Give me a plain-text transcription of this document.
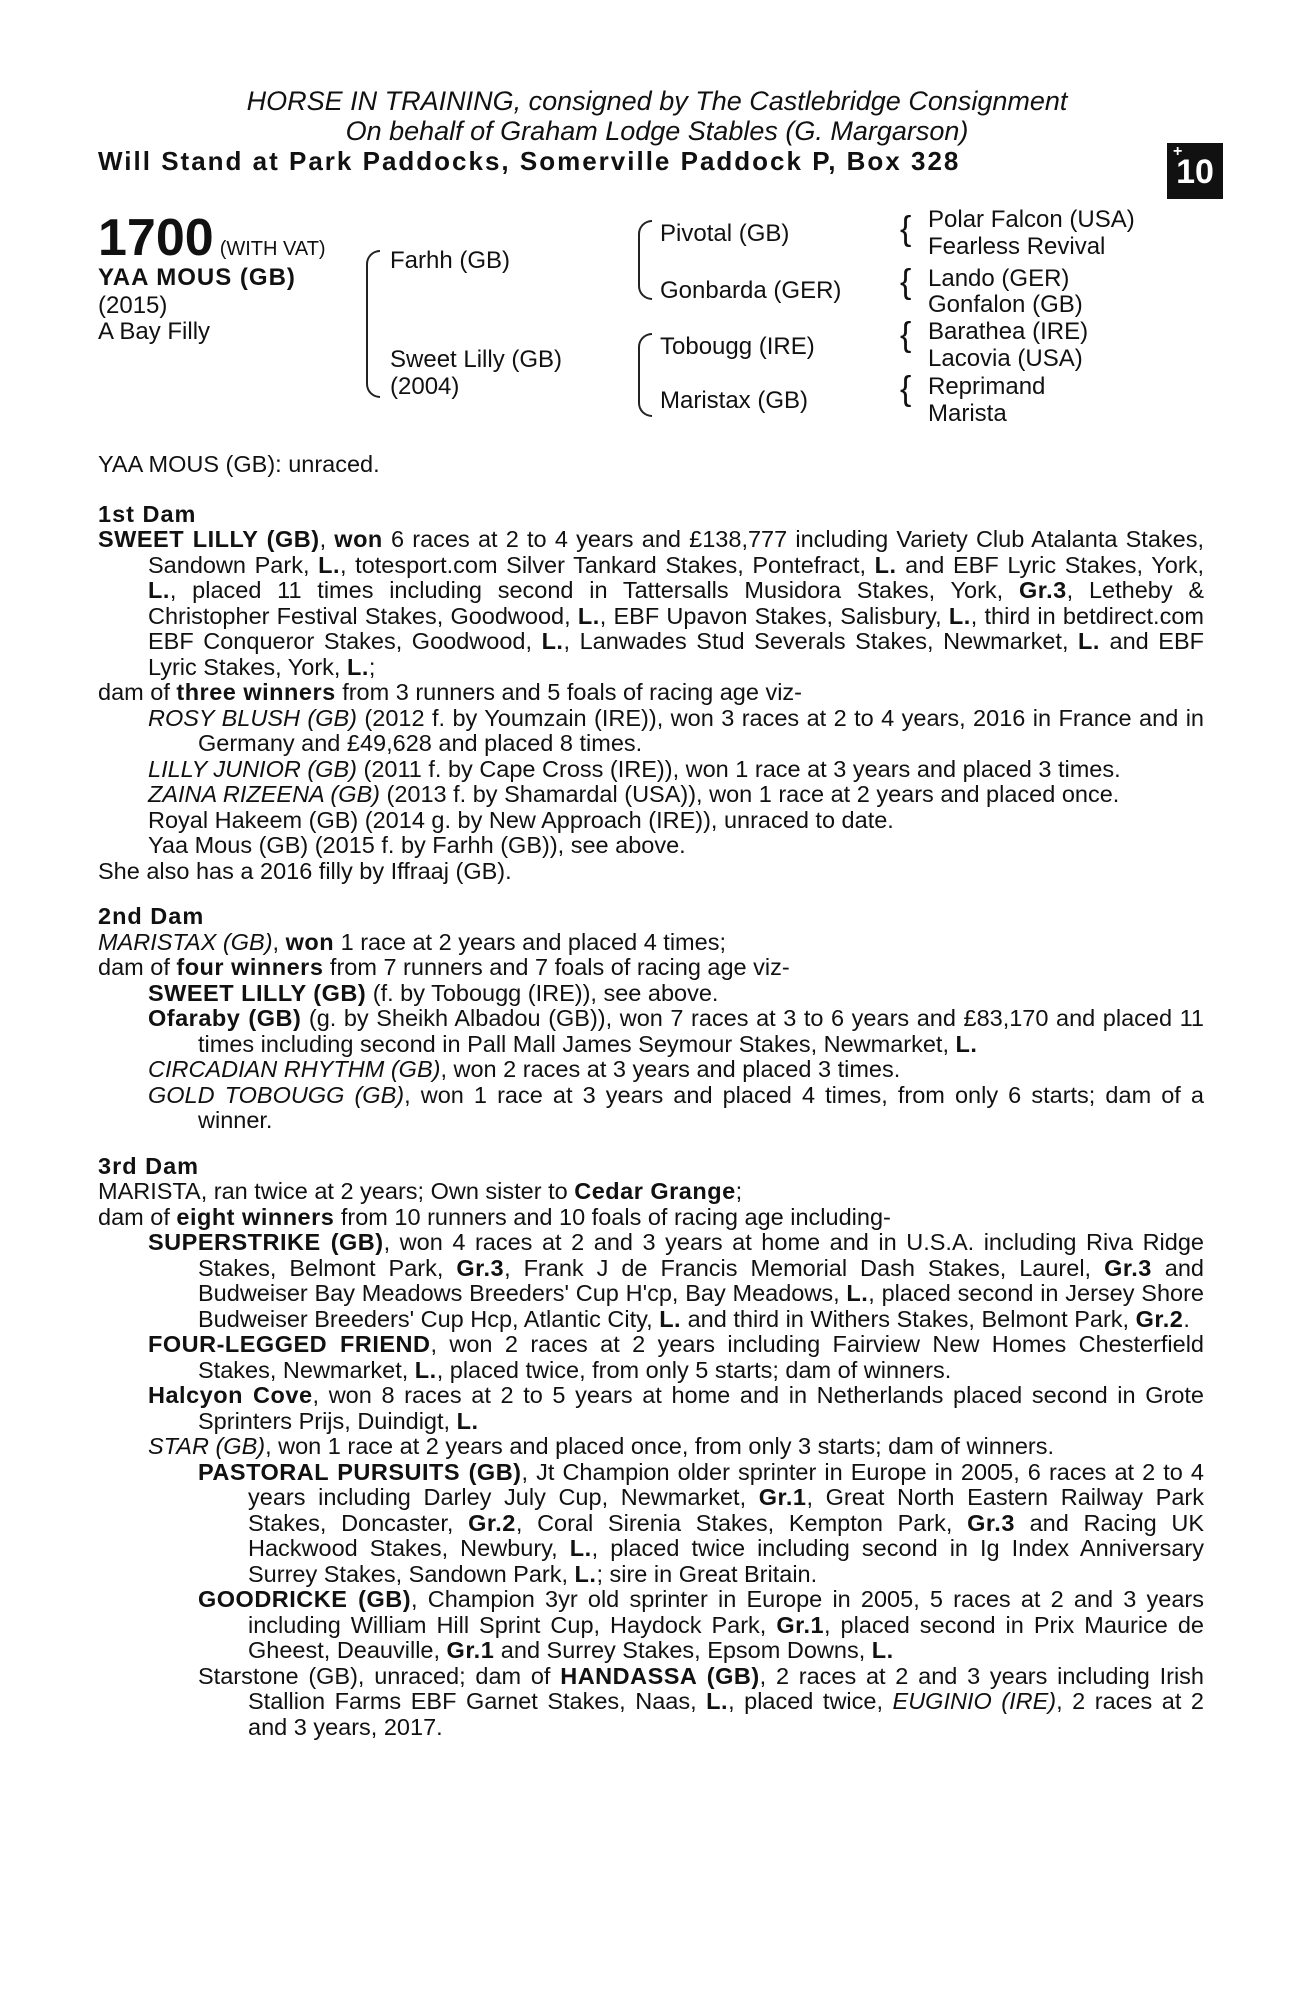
HORSE IN TRAINING, consigned by The Castlebridge Consignment
On behalf of Graham Lodge Stables (G. Margarson)
Will Stand at Park Paddocks, Somerville Paddock P, Box 328	+
10
1700 (WITH VAT)
YAA MOUS (GB)
(2015)
A Bay Filly
Farhh (GB)
Sweet Lilly (GB)
(2004)
Pivotal (GB)
Gonbarda (GER)
Tobougg (IRE)
Maristax (GB)
{
{
{
{
Polar Falcon (USA)
Fearless Revival
Lando (GER)
Gonfalon (GB)
Barathea (IRE)
Lacovia (USA)
Reprimand
Marista
YAA MOUS (GB): unraced.
1st Dam
SWEET LILLY (GB), won 6 races at 2 to 4 years and £138,777 including Variety Club Atalanta Stakes, Sandown Park, L., totesport.com Silver Tankard Stakes, Pontefract, L. and EBF Lyric Stakes, York, L., placed 11 times including second in Tattersalls Musidora Stakes, York, Gr.3, Letheby & Christopher Festival Stakes, Goodwood, L., EBF Upavon Stakes, Salisbury, L., third in betdirect.com EBF Conqueror Stakes, Goodwood, L., Lanwades Stud Severals Stakes, Newmarket, L. and EBF Lyric Stakes, York, L.;
dam of three winners from 3 runners and 5 foals of racing age viz-
ROSY BLUSH (GB) (2012 f. by Youmzain (IRE)), won 3 races at 2 to 4 years, 2016 in France and in Germany and £49,628 and placed 8 times.
LILLY JUNIOR (GB) (2011 f. by Cape Cross (IRE)), won 1 race at 3 years and placed 3 times.
ZAINA RIZEENA (GB) (2013 f. by Shamardal (USA)), won 1 race at 2 years and placed once.
Royal Hakeem (GB) (2014 g. by New Approach (IRE)), unraced to date.
Yaa Mous (GB) (2015 f. by Farhh (GB)), see above.
She also has a 2016 filly by Iffraaj (GB).
2nd Dam
MARISTAX (GB), won 1 race at 2 years and placed 4 times;
dam of four winners from 7 runners and 7 foals of racing age viz-
SWEET LILLY (GB) (f. by Tobougg (IRE)), see above.
Ofaraby (GB) (g. by Sheikh Albadou (GB)), won 7 races at 3 to 6 years and £83,170 and placed 11 times including second in Pall Mall James Seymour Stakes, Newmarket, L.
CIRCADIAN RHYTHM (GB), won 2 races at 3 years and placed 3 times.
GOLD TOBOUGG (GB), won 1 race at 3 years and placed 4 times, from only 6 starts; dam of a winner.
3rd Dam
MARISTA, ran twice at 2 years; Own sister to Cedar Grange;
dam of eight winners from 10 runners and 10 foals of racing age including-
SUPERSTRIKE (GB), won 4 races at 2 and 3 years at home and in U.S.A. including Riva Ridge Stakes, Belmont Park, Gr.3, Frank J de Francis Memorial Dash Stakes, Laurel, Gr.3 and Budweiser Bay Meadows Breeders' Cup H'cp, Bay Meadows, L., placed second in Jersey Shore Budweiser Breeders' Cup Hcp, Atlantic City, L. and third in Withers Stakes, Belmont Park, Gr.2.
FOUR-LEGGED FRIEND, won 2 races at 2 years including Fairview New Homes Chesterfield Stakes, Newmarket, L., placed twice, from only 5 starts; dam of winners.
Halcyon Cove, won 8 races at 2 to 5 years at home and in Netherlands placed second in Grote Sprinters Prijs, Duindigt, L.
STAR (GB), won 1 race at 2 years and placed once, from only 3 starts; dam of winners.
PASTORAL PURSUITS (GB), Jt Champion older sprinter in Europe in 2005, 6 races at 2 to 4 years including Darley July Cup, Newmarket, Gr.1, Great North Eastern Railway Park Stakes, Doncaster, Gr.2, Coral Sirenia Stakes, Kempton Park, Gr.3 and Racing UK Hackwood Stakes, Newbury, L., placed twice including second in Ig Index Anniversary Surrey Stakes, Sandown Park, L.; sire in Great Britain.
GOODRICKE (GB), Champion 3yr old sprinter in Europe in 2005, 5 races at 2 and 3 years including William Hill Sprint Cup, Haydock Park, Gr.1, placed second in Prix Maurice de Gheest, Deauville, Gr.1 and Surrey Stakes, Epsom Downs, L.
Starstone (GB), unraced; dam of HANDASSA (GB), 2 races at 2 and 3 years including Irish Stallion Farms EBF Garnet Stakes, Naas, L., placed twice, EUGINIO (IRE), 2 races at 2 and 3 years, 2017.
